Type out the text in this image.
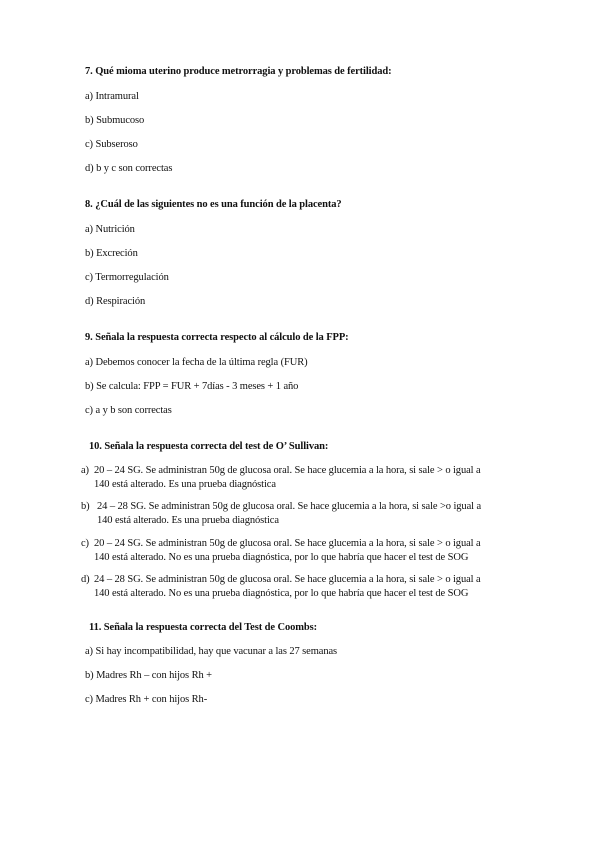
7. Qué mioma uterino produce metrorragia y problemas de fertilidad:
a) Intramural
b) Submucoso
c) Subseroso
d) b y c son correctas
8. ¿Cuál de las siguientes no es una función de la placenta?
a) Nutrición
b) Excreción
c) Termorregulación
d) Respiración
9. Señala la respuesta correcta respecto al cálculo de la FPP:
a) Debemos conocer la fecha de la última regla (FUR)
b) Se calcula: FPP = FUR + 7días - 3 meses + 1 año
c) a y b son correctas
10. Señala la respuesta correcta del test de O’ Sullivan:
a) 20 – 24 SG. Se administran 50g de glucosa oral. Se hace glucemia a la hora, si sale > o igual a
140 está alterado. Es una prueba diagnóstica
b) 24 – 28 SG. Se administran 50g de glucosa oral. Se hace glucemia a la hora, si sale >o igual a
140 está alterado. Es una prueba diagnóstica
c) 20 – 24 SG. Se administran 50g de glucosa oral. Se hace glucemia a la hora, si sale > o igual a
140 está alterado. No es una prueba diagnóstica, por lo que habría que hacer el test de SOG
d) 24 – 28 SG. Se administran 50g de glucosa oral. Se hace glucemia a la hora, si sale > o igual a
140 está alterado. No es una prueba diagnóstica, por lo que habría que hacer el test de SOG
11. Señala la respuesta correcta del Test de Coombs:
a) Si hay incompatibilidad, hay que vacunar a las 27 semanas
b) Madres Rh – con hijos Rh +
c) Madres Rh + con hijos Rh-
